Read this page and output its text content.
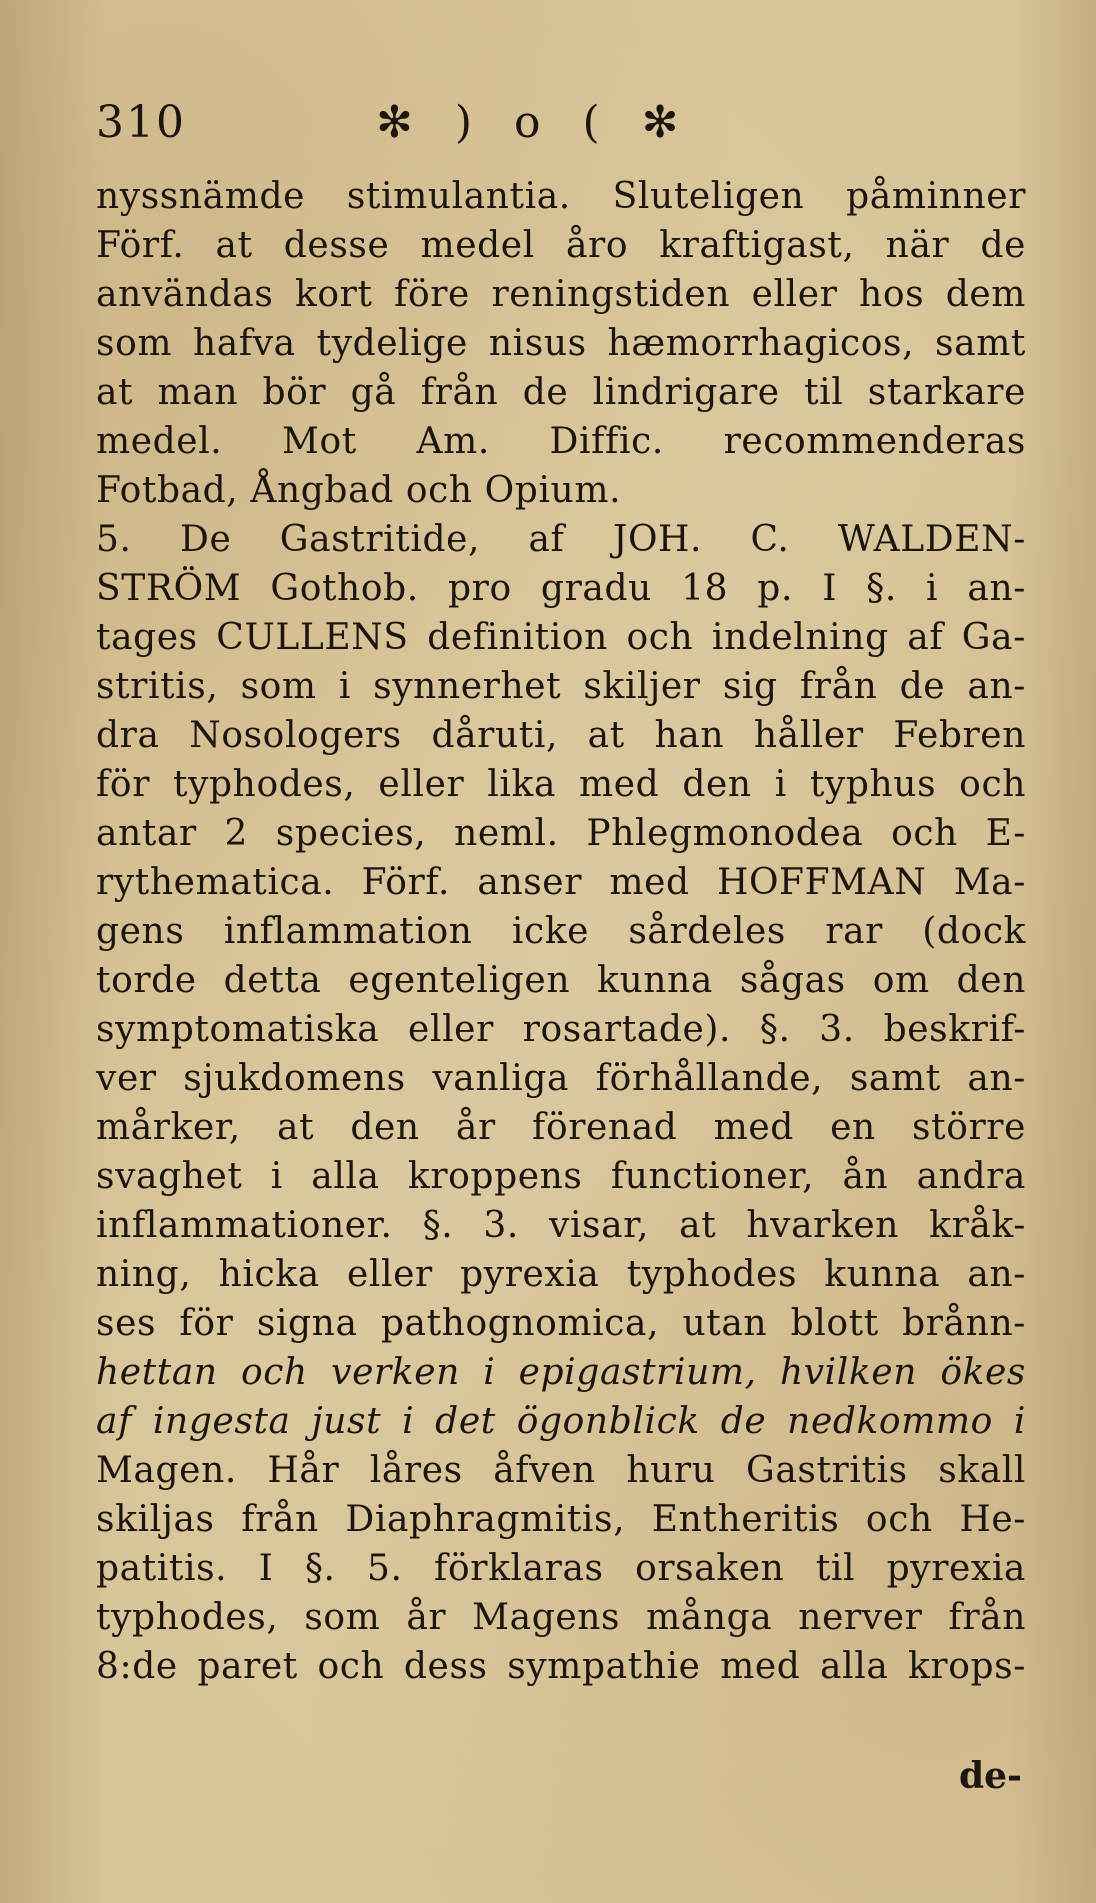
310	✻ ) o ( ✻
nyssnämde stimulantia. Sluteligen påminner
Förf. at desse medel åro kraftigast, när de
användas kort före reningstiden eller hos dem
som hafva tydelige nisus hæmorrhagicos, samt
at man bör gå från de lindrigare til starkare
medel. Mot Am. Diffic. recommenderas
Fotbad, Ångbad och Opium.
5. De Gastritide, af JOH. C. WALDEN-
STRÖM Gothob. pro gradu 18 p. I §. i an-
tages CULLENS definition och indelning af Ga-
stritis, som i synnerhet skiljer sig från de an-
dra Nosologers dåruti, at han håller Febren
för typhodes, eller lika med den i typhus och
antar 2 species, neml. Phlegmonodea och E-
rythematica. Förf. anser med HOFFMAN Ma-
gens inflammation icke sårdeles rar (dock
torde detta egenteligen kunna sågas om den
symptomatiska eller rosartade). §. 3. beskrif-
ver sjukdomens vanliga förhållande, samt an-
mårker, at den år förenad med en större
svaghet i alla kroppens functioner, ån andra
inflammationer. §. 3. visar, at hvarken kråk-
ning, hicka eller pyrexia typhodes kunna an-
ses för signa pathognomica, utan blott brånn-
hettan och verken i epigastrium, hvilken ökes
af ingesta just i det ögonblick de nedkommo i
Magen. Hår låres åfven huru Gastritis skall
skiljas från Diaphragmitis, Entheritis och He-
patitis. I §. 5. förklaras orsaken til pyrexia
typhodes, som år Magens många nerver från
8:de paret och dess sympathie med alla krops-
de-
